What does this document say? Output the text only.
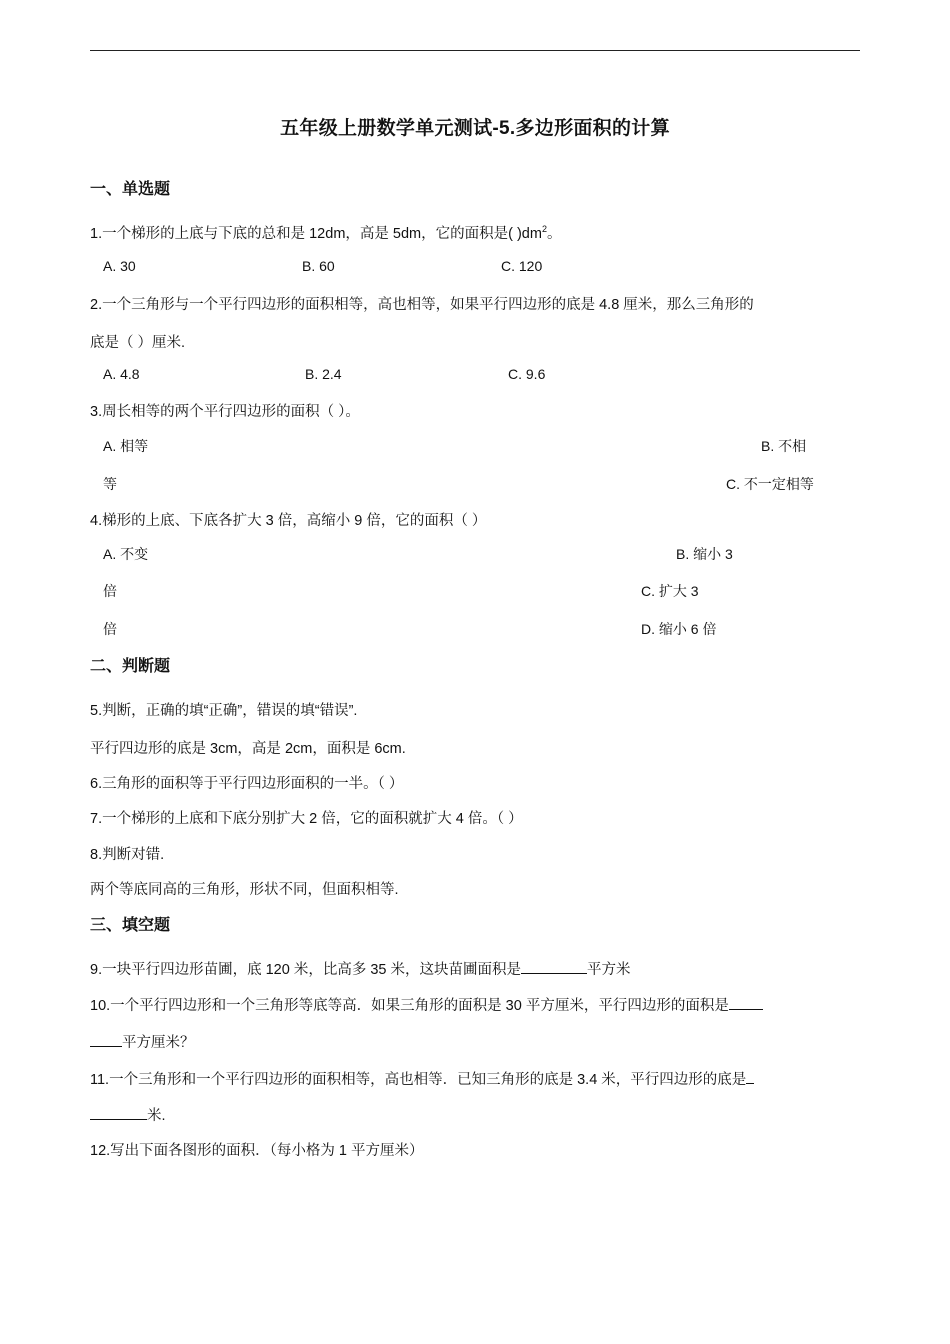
五年级上册数学单元测试-5.多边形面积的计算
一、单选题
1.一个梯形的上底与下底的总和是 12dm，高是 5dm，它的面积是( )$dm^2$。
A. 30	B. 60	C. 120
2.一个三角形与一个平行四边形的面积相等，高也相等，如果平行四边形的底是 4.8 厘米，那么三角形的
底是（ ）厘米.
A. 4.8	B. 2.4	C. 9.6
3.周长相等的两个平行四边形的面积（ ）。
A. 相等	B. 不相
等	C. 不一定相等
4.梯形的上底、下底各扩大 3 倍，高缩小 9 倍，它的面积（ ）
A. 不变	B. 缩小 3
倍	C. 扩大 3
倍	D. 缩小 6 倍
二、判断题
5.判断，正确的填“正确”，错误的填“错误”.
平行四边形的底是 3cm，高是 2cm，面积是 6cm.
6.三角形的面积等于平行四边形面积的一半。（ ）
7.一个梯形的上底和下底分别扩大 2 倍，它的面积就扩大 4 倍。（ ）
8.判断对错.
两个等底同高的三角形，形状不同，但面积相等.
三、填空题
9.一块平行四边形苗圃，底 120 米，比高多 35 米，这块苗圃面积是	平方米
10.一个平行四边形和一个三角形等底等高．如果三角形的面积是 30 平方厘米，平行四边形的面积是
平方厘米？
11.一个三角形和一个平行四边形的面积相等，高也相等．已知三角形的底是 3.4 米，平行四边形的底是
米.
12.写出下面各图形的面积．（每小格为 1 平方厘米）
